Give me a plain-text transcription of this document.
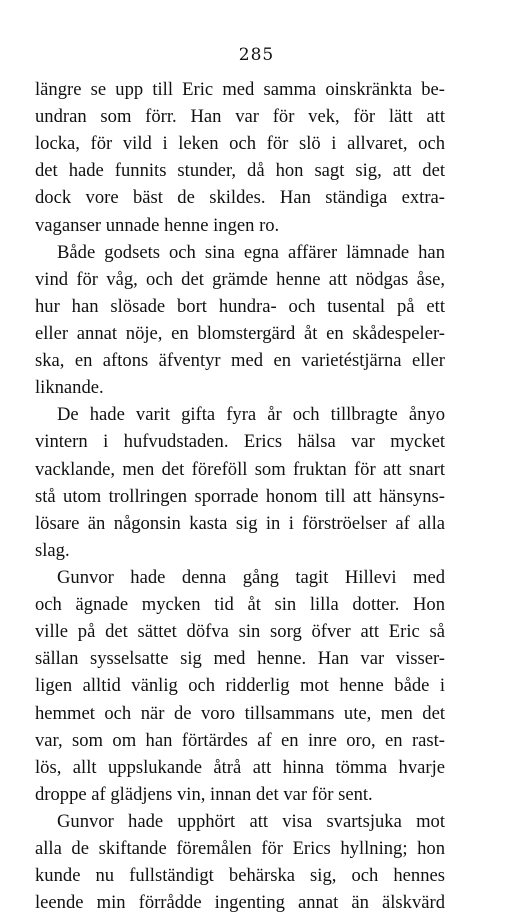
285
längre se upp till Eric med samma oinskränkta be-
undran som förr. Han var för vek, för lätt att
locka, för vild i leken och för slö i allvaret, och
det hade funnits stunder, då hon sagt sig, att det
dock vore bäst de skildes. Han ständiga extra-
vaganser unnade henne ingen ro.
Både godsets och sina egna affärer lämnade han
vind för våg, och det grämde henne att nödgas åse,
hur han slösade bort hundra- och tusental på ett
eller annat nöje, en blomstergärd åt en skådespeler-
ska, en aftons äfventyr med en varietéstjärna eller
liknande.
De hade varit gifta fyra år och tillbragte ånyo
vintern i hufvudstaden. Erics hälsa var mycket
vacklande, men det föreföll som fruktan för att snart
stå utom trollringen sporrade honom till att hänsyns-
lösare än någonsin kasta sig in i förströelser af alla
slag.
Gunvor hade denna gång tagit Hillevi med
och ägnade mycken tid åt sin lilla dotter. Hon
ville på det sättet döfva sin sorg öfver att Eric så
sällan sysselsatte sig med henne. Han var visser-
ligen alltid vänlig och ridderlig mot henne både i
hemmet och när de voro tillsammans ute, men det
var, som om han förtärdes af en inre oro, en rast-
lös, allt uppslukande åtrå att hinna tömma hvarje
droppe af glädjens vin, innan det var för sent.
Gunvor hade upphört att visa svartsjuka mot
alla de skiftande föremålen för Erics hyllning; hon
kunde nu fullständigt behärska sig, och hennes
leende min förrådde ingenting annat än älskvärd
